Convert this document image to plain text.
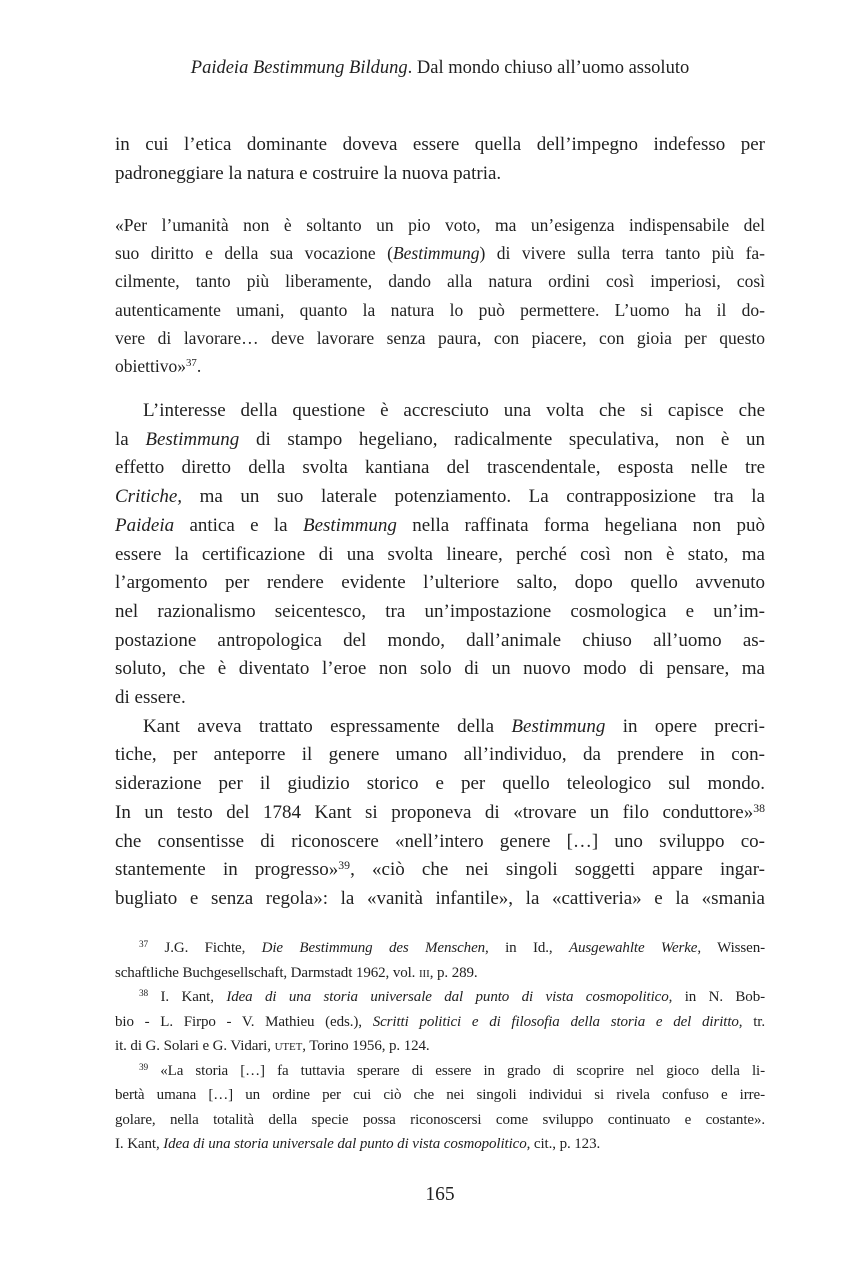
Paideia Bestimmung Bildung. Dal mondo chiuso all’uomo assoluto
in cui l’etica dominante doveva essere quella dell’impegno indefesso per
padroneggiare la natura e costruire la nuova patria.
«Per l’umanità non è soltanto un pio voto, ma un’esigenza indispensabile del
suo diritto e della sua vocazione (Bestimmung) di vivere sulla terra tanto più fa-
cilmente, tanto più liberamente, dando alla natura ordini così imperiosi, così
autenticamente umani, quanto la natura lo può permettere. L’uomo ha il do-
vere di lavorare… deve lavorare senza paura, con piacere, con gioia per questo
obiettivo»$^{37}$.
L’interesse della questione è accresciuto una volta che si capisce che
la Bestimmung di stampo hegeliano, radicalmente speculativa, non è un
effetto diretto della svolta kantiana del trascendentale, esposta nelle tre
Critiche, ma un suo laterale potenziamento. La contrapposizione tra la
Paideia antica e la Bestimmung nella raffinata forma hegeliana non può
essere la certificazione di una svolta lineare, perché così non è stato, ma
l’argomento per rendere evidente l’ulteriore salto, dopo quello avvenuto
nel razionalismo seicentesco, tra un’impostazione cosmologica e un’im-
postazione antropologica del mondo, dall’animale chiuso all’uomo as-
soluto, che è diventato l’eroe non solo di un nuovo modo di pensare, ma
di essere.
Kant aveva trattato espressamente della Bestimmung in opere precri-
tiche, per anteporre il genere umano all’individuo, da prendere in con-
siderazione per il giudizio storico e per quello teleologico sul mondo.
In un testo del 1784 Kant si proponeva di «trovare un filo conduttore»$^{38}$
che consentisse di riconoscere «nell’intero genere […] uno sviluppo co-
stantemente in progresso»$^{39}$, «ciò che nei singoli soggetti appare ingar-
bugliato e senza regola»: la «vanità infantile», la «cattiveria» e la «smania
$^{37}$ J.G. Fichte, Die Bestimmung des Menschen, in Id., Ausgewahlte Werke, Wissen-
schaftliche Buchgesellschaft, Darmstadt 1962, vol. iii, p. 289.
$^{38}$ I. Kant, Idea di una storia universale dal punto di vista cosmopolitico, in N. Bob-
bio - L. Firpo - V. Mathieu (eds.), Scritti politici e di filosofia della storia e del diritto, tr.
it. di G. Solari e G. Vidari, utet, Torino 1956, p. 124.
$^{39}$ «La storia […] fa tuttavia sperare di essere in grado di scoprire nel gioco della li-
bertà umana […] un ordine per cui ciò che nei singoli individui si rivela confuso e irre-
golare, nella totalità della specie possa riconoscersi come sviluppo continuato e costante».
I. Kant, Idea di una storia universale dal punto di vista cosmopolitico, cit., p. 123.
165
